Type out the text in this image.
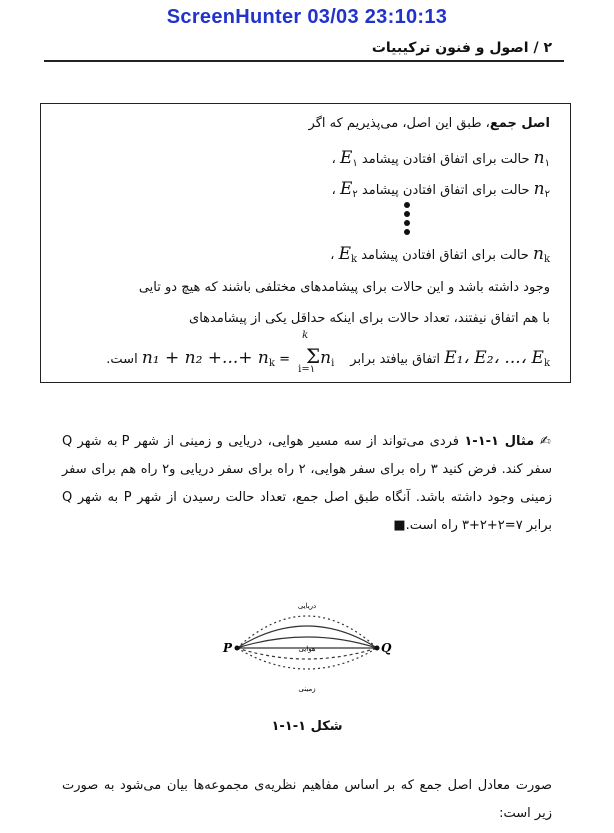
ScreenHunter 03/03 23:10:13
۲ / اصول و فنون ترکیبیات
اصل جمع، طبق این اصل، می‌پذیریم که اگر
$n_۱$ حالت برای اتفاق افتادن پیشامد $E_۱$ ،
$n_۲$ حالت برای اتفاق افتادن پیشامد $E_۲$ ،
$n_k$ حالت برای اتفاق افتادن پیشامد $E_k$ ،
وجود داشته باشد و این حالات برای پیشامدهای مختلفی باشند که هیچ دو تایی
با هم اتفاق نیفتند، تعداد حالات برای اینکه حداقل یکی از پیشامدهای
E₁، E₂، ...، $E_k$ اتفاق بیافتد برابر
k
$\Sigma n_i$
i=۱
= n₁ + n₂ +...+ $n_k$ است.
✍ مثال ۱-۱-۱ فردی می‌تواند از سه مسیر هوایی، دریایی و زمینی از شهر P به شهر Q سفر کند. فرض کنید ۳ راه برای سفر هوایی، ۲ راه برای سفر دریایی و۲ راه هم برای سفر زمینی وجود داشته باشد. آنگاه طبق اصل جمع، تعداد حالت رسیدن از شهر P به شهر Q برابر ۷=۲+۲+۳ راه است.■
P	Q
دریایی
هوایی
زمینی
شکل ۱-۱-۱
صورت معادل اصل جمع که بر اساس مفاهیم نظریه‌ی مجموعه‌ها بیان می‌شود به صورت زیر است:
